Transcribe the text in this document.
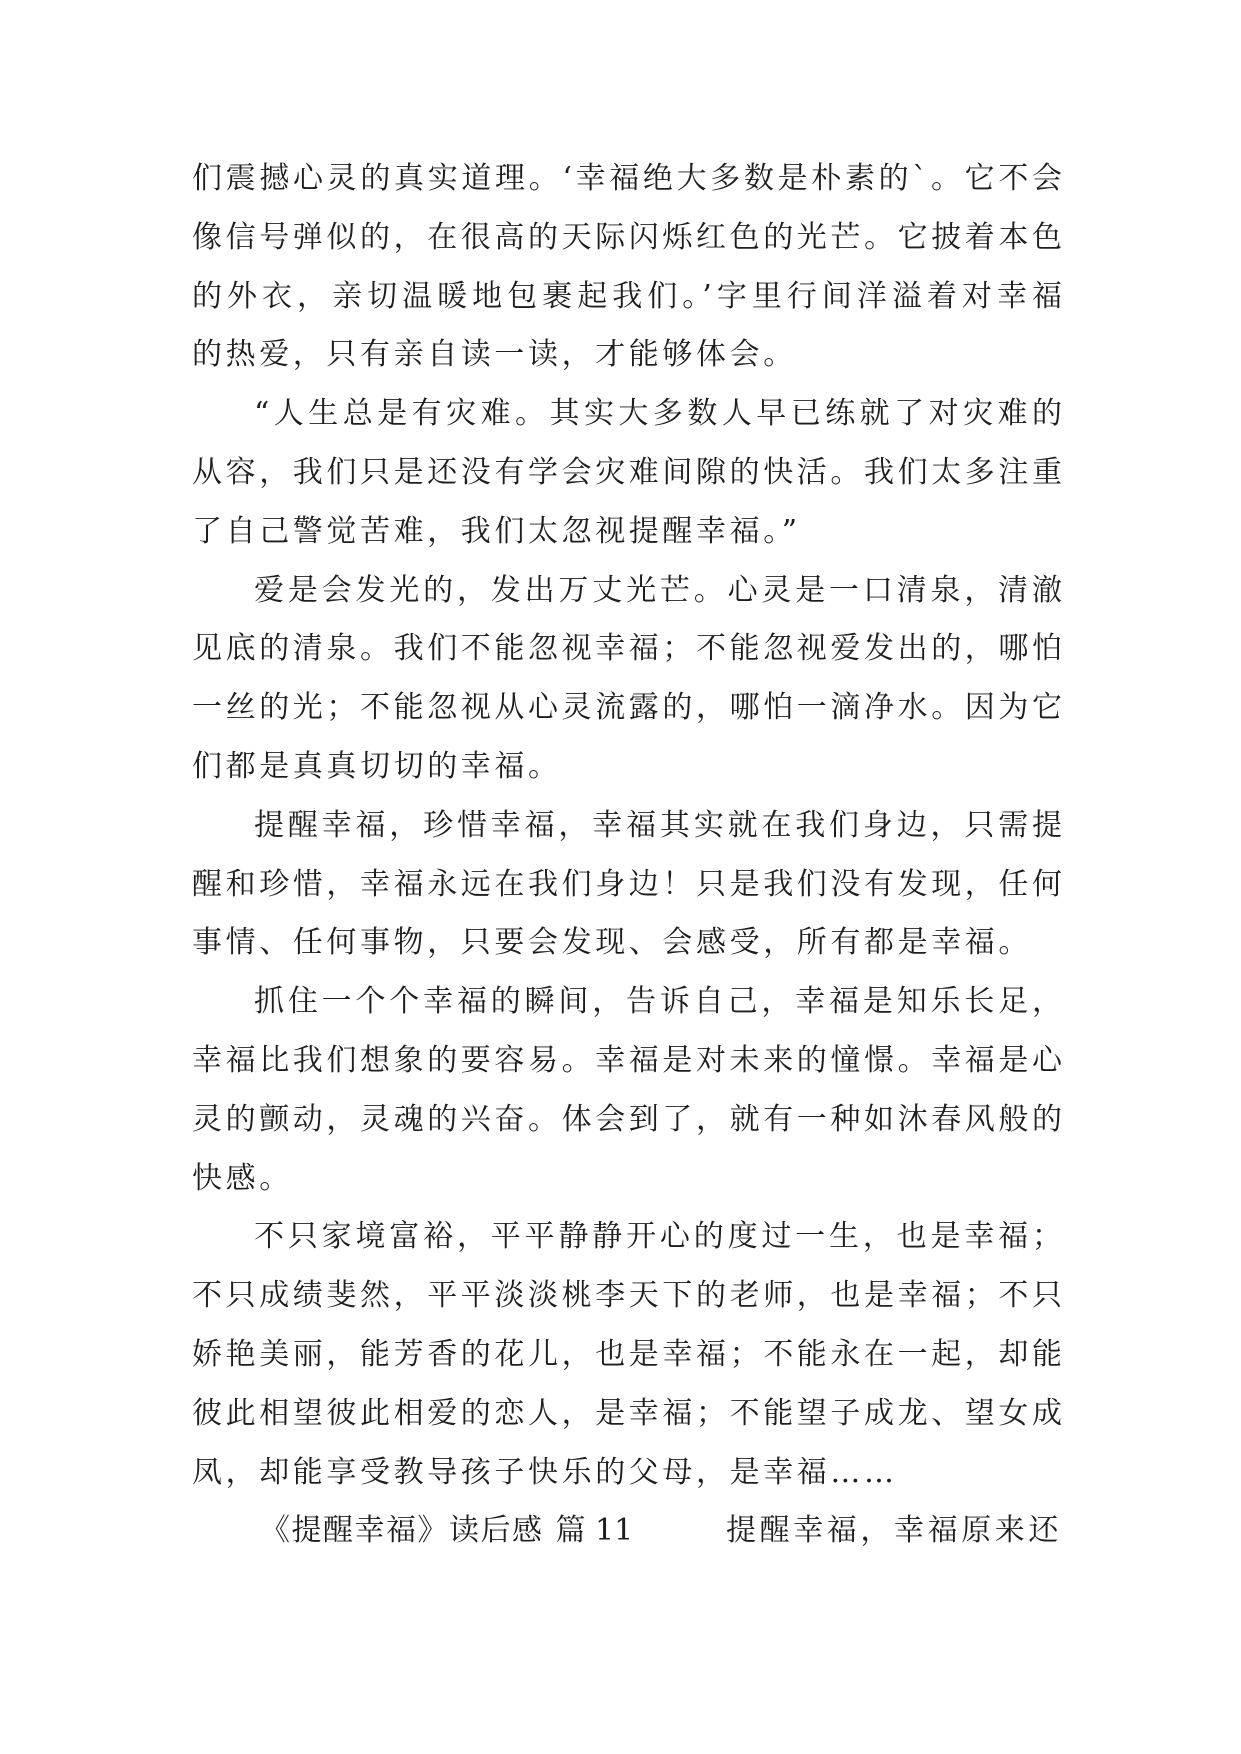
们震撼心灵的真实道理。‘幸福绝大多数是朴素的`。它不会
像信号弹似的，在很高的天际闪烁红色的光芒。它披着本色
的外衣，亲切温暖地包裹起我们。’字里行间洋溢着对幸福
的热爱，只有亲自读一读，才能够体会。
“人生总是有灾难。其实大多数人早已练就了对灾难的
从容，我们只是还没有学会灾难间隙的快活。我们太多注重
了自己警觉苦难，我们太忽视提醒幸福。”
爱是会发光的，发出万丈光芒。心灵是一口清泉，清澈
见底的清泉。我们不能忽视幸福；不能忽视爱发出的，哪怕
一丝的光；不能忽视从心灵流露的，哪怕一滴净水。因为它
们都是真真切切的幸福。
提醒幸福，珍惜幸福，幸福其实就在我们身边，只需提
醒和珍惜，幸福永远在我们身边！只是我们没有发现，任何
事情、任何事物，只要会发现、会感受，所有都是幸福。
抓住一个个幸福的瞬间，告诉自己，幸福是知乐长足，
幸福比我们想象的要容易。幸福是对未来的憧憬。幸福是心
灵的颤动，灵魂的兴奋。体会到了，就有一种如沐春风般的
快感。
不只家境富裕，平平静静开心的度过一生，也是幸福；
不只成绩斐然，平平淡淡桃李天下的老师，也是幸福；不只
娇艳美丽，能芳香的花儿，也是幸福；不能永在一起，却能
彼此相望彼此相爱的恋人，是幸福；不能望子成龙、望女成
凤，却能享受教导孩子快乐的父母，是幸福……
《提醒幸福》读后感 篇 11	提醒幸福，幸福原来还
